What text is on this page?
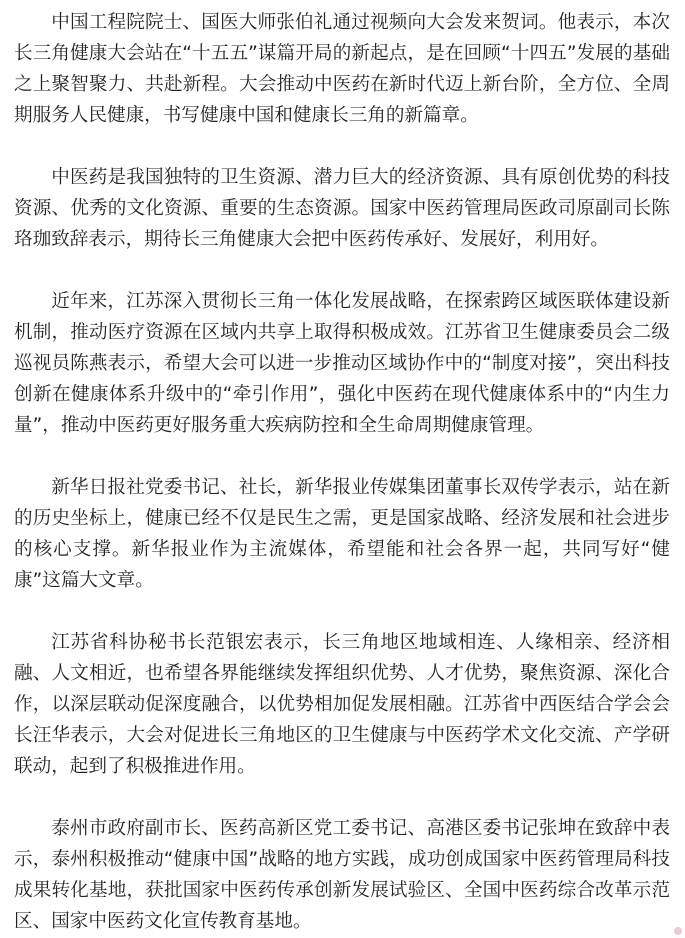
中国工程院院士、国医大师张伯礼通过视频向大会发来贺词。他表示，本次长三角健康大会站在“十五五”谋篇开局的新起点，是在回顾“十四五”发展的基础之上聚智聚力、共赴新程。大会推动中医药在新时代迈上新台阶，全方位、全周期服务人民健康，书写健康中国和健康长三角的新篇章。

中医药是我国独特的卫生资源、潜力巨大的经济资源、具有原创优势的科技资源、优秀的文化资源、重要的生态资源。国家中医药管理局医政司原副司长陈珞珈致辞表示，期待长三角健康大会把中医药传承好、发展好，利用好。

近年来，江苏深入贯彻长三角一体化发展战略，在探索跨区域医联体建设新机制，推动医疗资源在区域内共享上取得积极成效。江苏省卫生健康委员会二级巡视员陈燕表示，希望大会可以进一步推动区域协作中的“制度对接”，突出科技创新在健康体系升级中的“牵引作用”，强化中医药在现代健康体系中的“内生力量”，推动中医药更好服务重大疾病防控和全生命周期健康管理。

新华日报社党委书记、社长，新华报业传媒集团董事长双传学表示，站在新的历史坐标上，健康已经不仅是民生之需，更是国家战略、经济发展和社会进步的核心支撑。新华报业作为主流媒体，希望能和社会各界一起，共同写好“健康”这篇大文章。

江苏省科协秘书长范银宏表示，长三角地区地域相连、人缘相亲、经济相融、人文相近，也希望各界能继续发挥组织优势、人才优势，聚焦资源、深化合作，以深层联动促深度融合，以优势相加促发展相融。江苏省中西医结合学会会长汪华表示，大会对促进长三角地区的卫生健康与中医药学术文化交流、产学研联动，起到了积极推进作用。

泰州市政府副市长、医药高新区党工委书记、高港区委书记张坤在致辞中表示，泰州积极推动“健康中国”战略的地方实践，成功创成国家中医药管理局科技成果转化基地，获批国家中医药传承创新发展试验区、全国中医药综合改革示范区、国家中医药文化宣传教育基地。
